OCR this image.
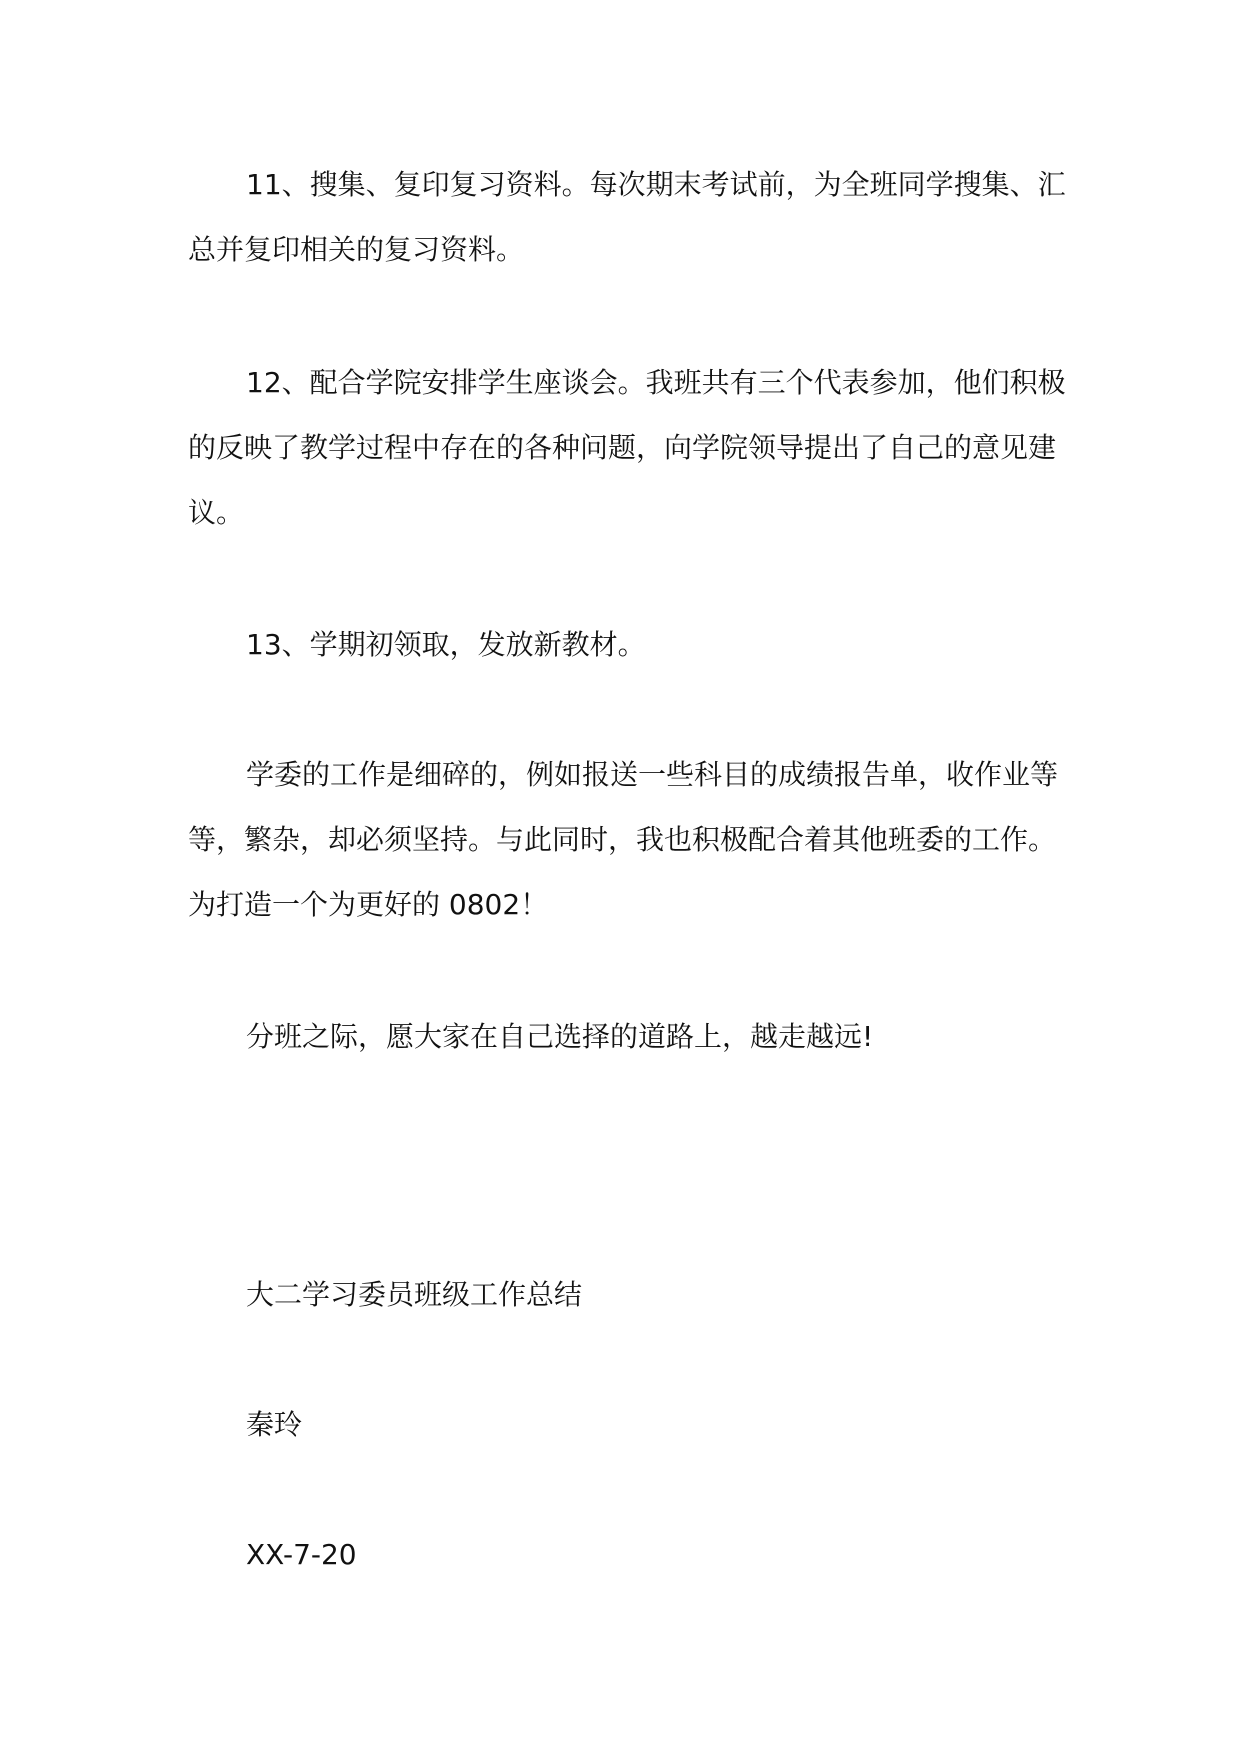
11、搜集、复印复习资料。每次期末考试前，为全班同学搜集、汇总并复印相关的复习资料。

12、配合学院安排学生座谈会。我班共有三个代表参加，他们积极的反映了教学过程中存在的各种问题，向学院领导提出了自己的意见建议。

13、学期初领取，发放新教材。

学委的工作是细碎的，例如报送一些科目的成绩报告单，收作业等等，繁杂，却必须坚持。与此同时，我也积极配合着其他班委的工作。为打造一个为更好的 0802！

分班之际，愿大家在自己选择的道路上，越走越远!

大二学习委员班级工作总结

秦玲

XX-7-20
